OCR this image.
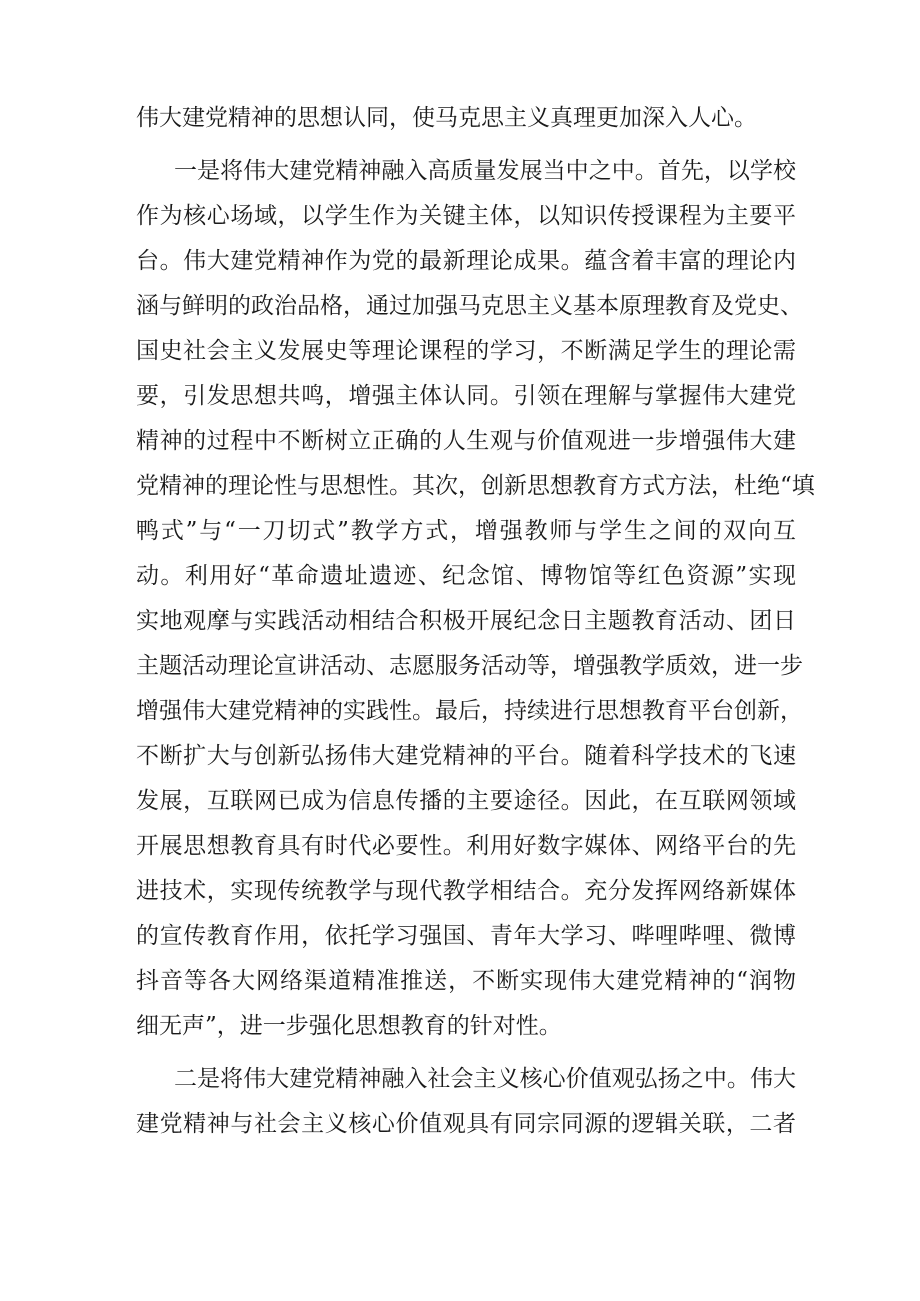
伟大建党精神的思想认同，使马克思主义真理更加深入人心。
一是将伟大建党精神融入高质量发展当中之中。首先，以学校
作为核心场域，以学生作为关键主体，以知识传授课程为主要平
台。伟大建党精神作为党的最新理论成果。蕴含着丰富的理论内
涵与鲜明的政治品格，通过加强马克思主义基本原理教育及党史、
国史社会主义发展史等理论课程的学习，不断满足学生的理论需
要，引发思想共鸣，增强主体认同。引领在理解与掌握伟大建党
精神的过程中不断树立正确的人生观与价值观进一步增强伟大建
党精神的理论性与思想性。其次，创新思想教育方式方法，杜绝“填
鸭式”与“一刀切式”教学方式，增强教师与学生之间的双向互
动。利用好“革命遗址遗迹、纪念馆、博物馆等红色资源”实现
实地观摩与实践活动相结合积极开展纪念日主题教育活动、团日
主题活动理论宣讲活动、志愿服务活动等，增强教学质效，进一步
增强伟大建党精神的实践性。最后，持续进行思想教育平台创新，
不断扩大与创新弘扬伟大建党精神的平台。随着科学技术的飞速
发展，互联网已成为信息传播的主要途径。因此，在互联网领域
开展思想教育具有时代必要性。利用好数字媒体、网络平台的先
进技术，实现传统教学与现代教学相结合。充分发挥网络新媒体
的宣传教育作用，依托学习强国、青年大学习、哔哩哔哩、微博
抖音等各大网络渠道精准推送，不断实现伟大建党精神的“润物
细无声”，进一步强化思想教育的针对性。
二是将伟大建党精神融入社会主义核心价值观弘扬之中。伟大
建党精神与社会主义核心价值观具有同宗同源的逻辑关联，二者
